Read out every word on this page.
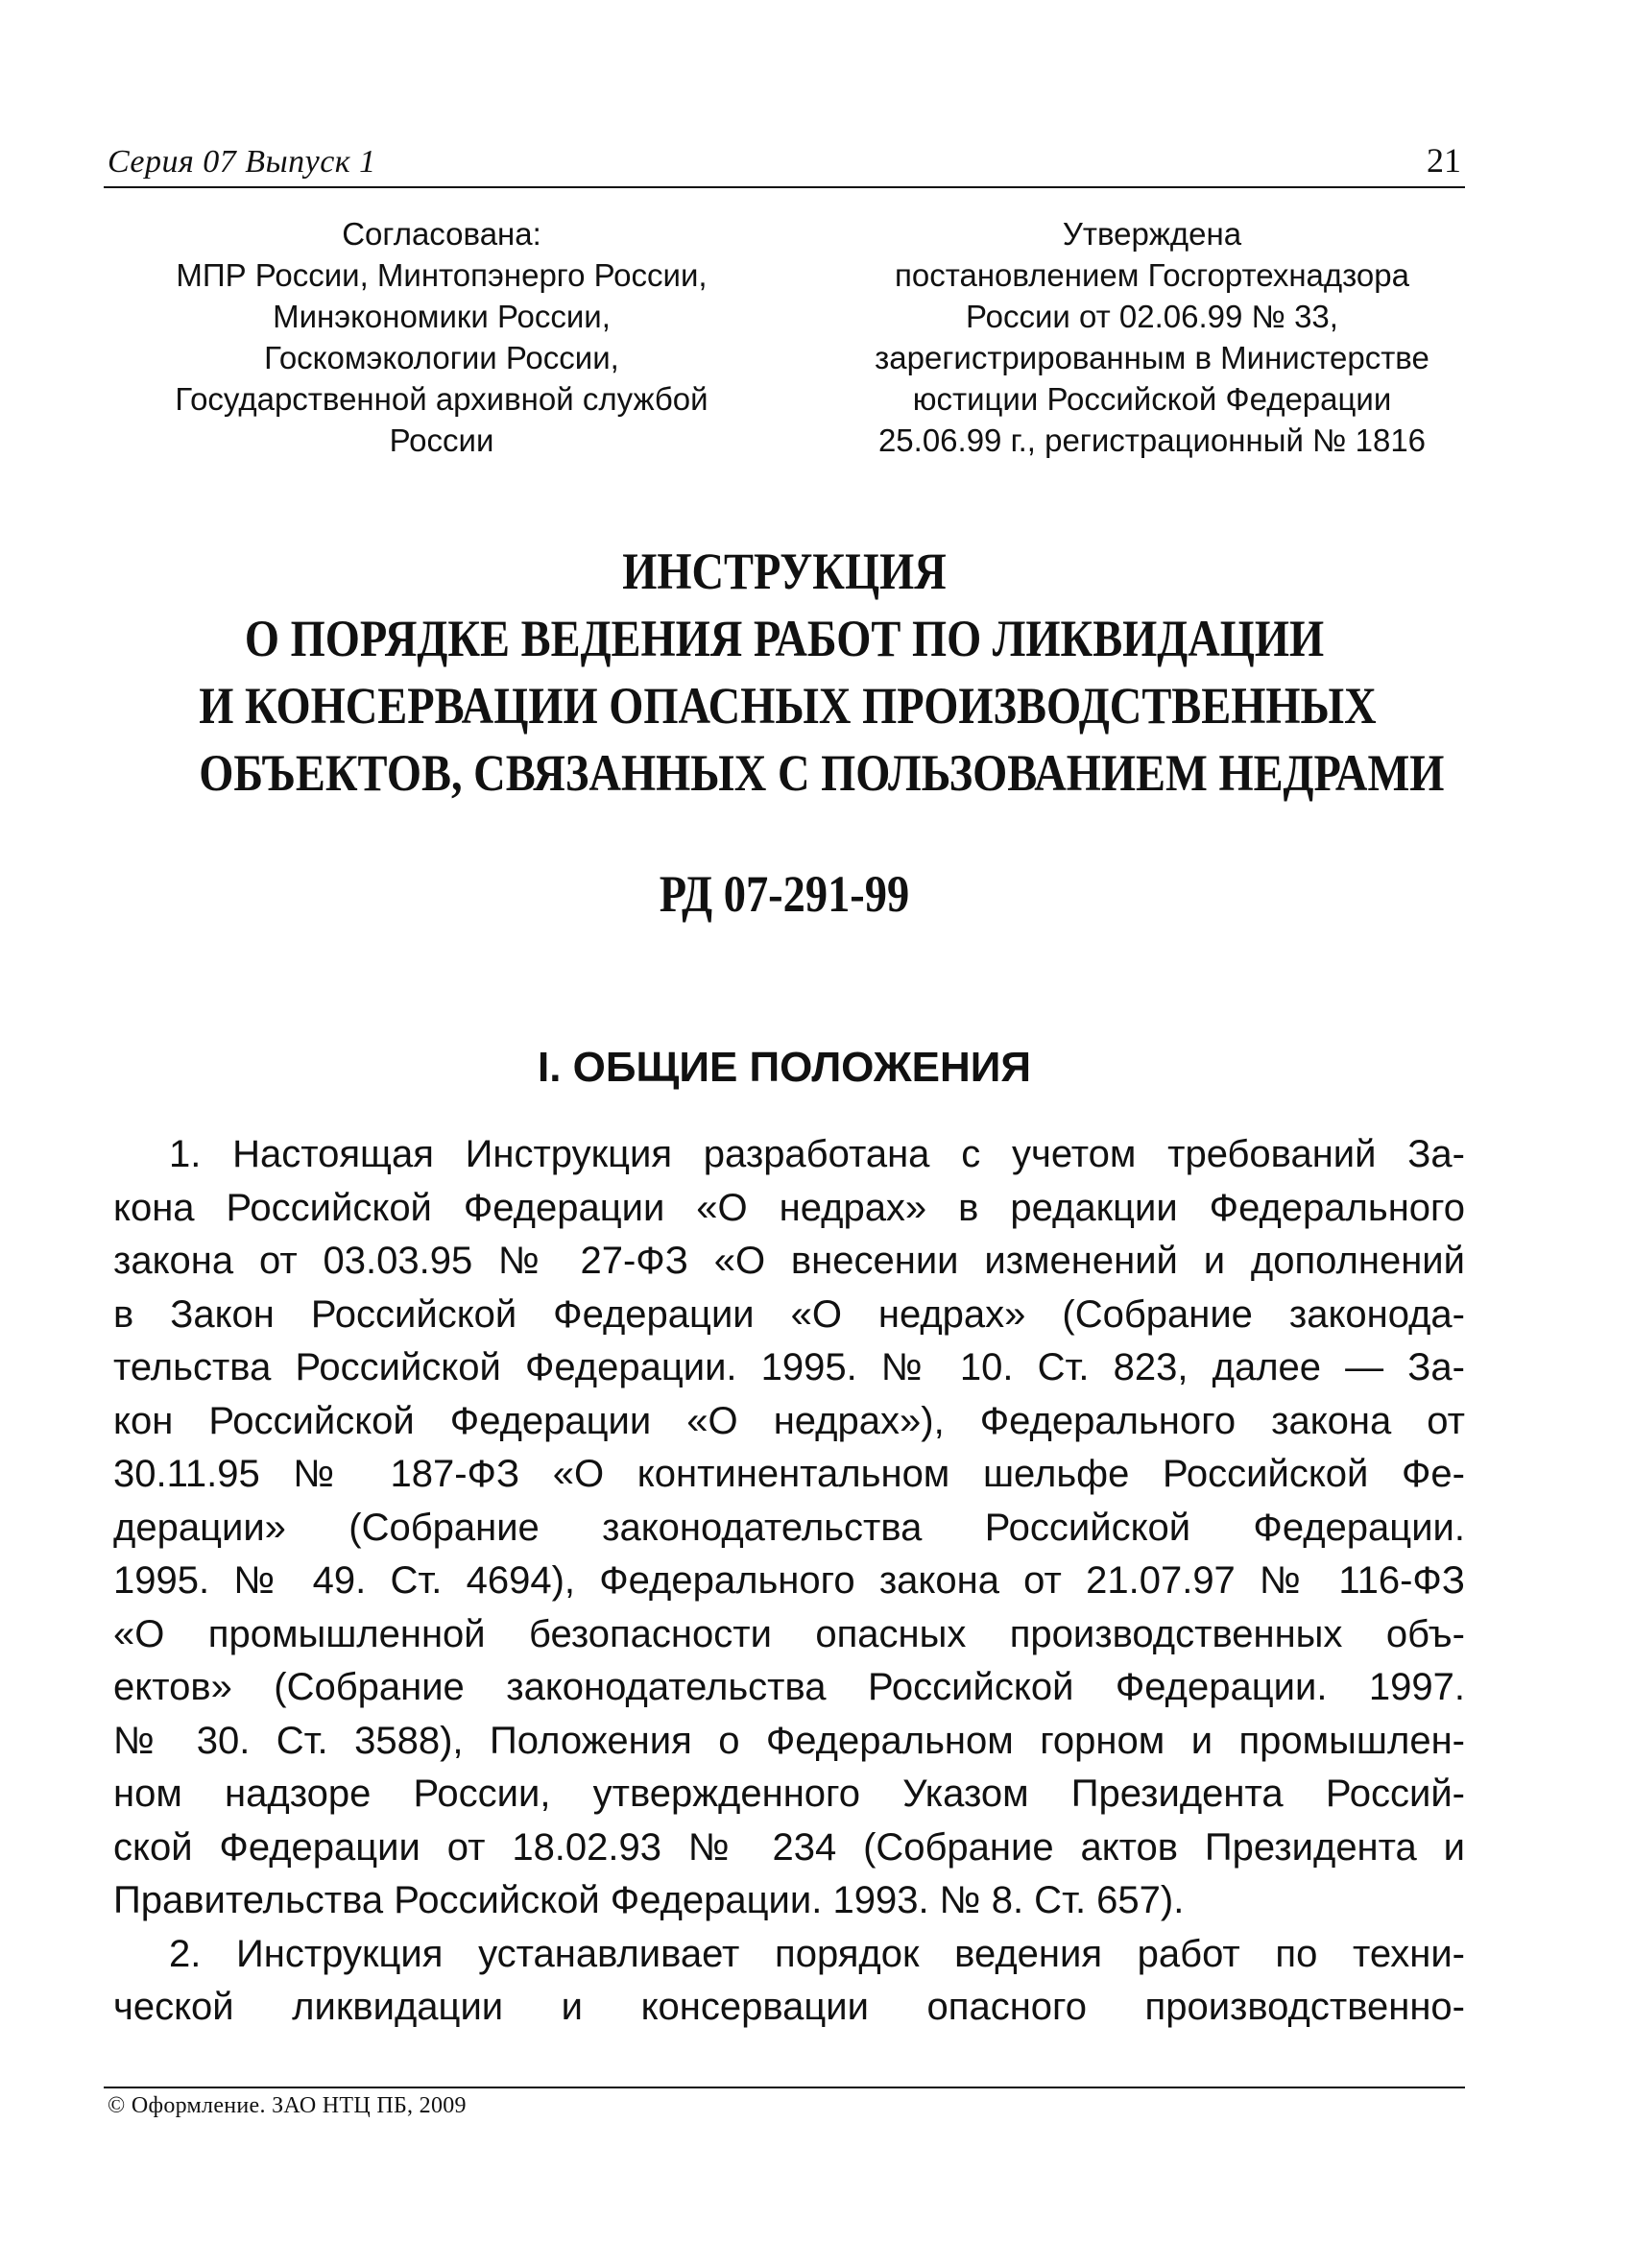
Серия 07 Выпуск 1	21
Согласована:
МПР России, Минтопэнерго России,
Минэкономики России,
Госкомэкологии России,
Государственной архивной службой
России
Утверждена
постановлением Госгортехнадзора
России от 02.06.99 № 33,
зарегистрированным в Министерстве
юстиции Российской Федерации
25.06.99 г., регистрационный № 1816
ИНСТРУКЦИЯ
О ПОРЯДКЕ ВЕДЕНИЯ РАБОТ ПО ЛИКВИДАЦИИ
И КОНСЕРВАЦИИ ОПАСНЫХ ПРОИЗВОДСТВЕННЫХ
ОБЪЕКТОВ, СВЯЗАННЫХ С ПОЛЬЗОВАНИЕМ НЕДРАМИ
РД 07-291-99
I. ОБЩИЕ ПОЛОЖЕНИЯ
1. Настоящая Инструкция разработана с учетом требований За-
кона Российской Федерации «О недрах» в редакции Федерального
закона от 03.03.95 № 27-ФЗ «О внесении изменений и дополнений
в Закон Российской Федерации «О недрах» (Собрание законода-
тельства Российской Федерации. 1995. № 10. Ст. 823, далее — За-
кон Российской Федерации «О недрах»), Федерального закона от
30.11.95 № 187-ФЗ «О континентальном шельфе Российской Фе-
дерации» (Собрание законодательства Российской Федерации.
1995. № 49. Ст. 4694), Федерального закона от 21.07.97 № 116-ФЗ
«О промышленной безопасности опасных производственных объ-
ектов» (Собрание законодательства Российской Федерации. 1997.
№ 30. Ст. 3588), Положения о Федеральном горном и промышлен-
ном надзоре России, утвержденного Указом Президента Россий-
ской Федерации от 18.02.93 № 234 (Собрание актов Президента и
Правительства Российской Федерации. 1993. № 8. Ст. 657).
2. Инструкция устанавливает порядок ведения работ по техни-
ческой ликвидации и консервации опасного производственно-
© Оформление. ЗАО НТЦ ПБ, 2009
